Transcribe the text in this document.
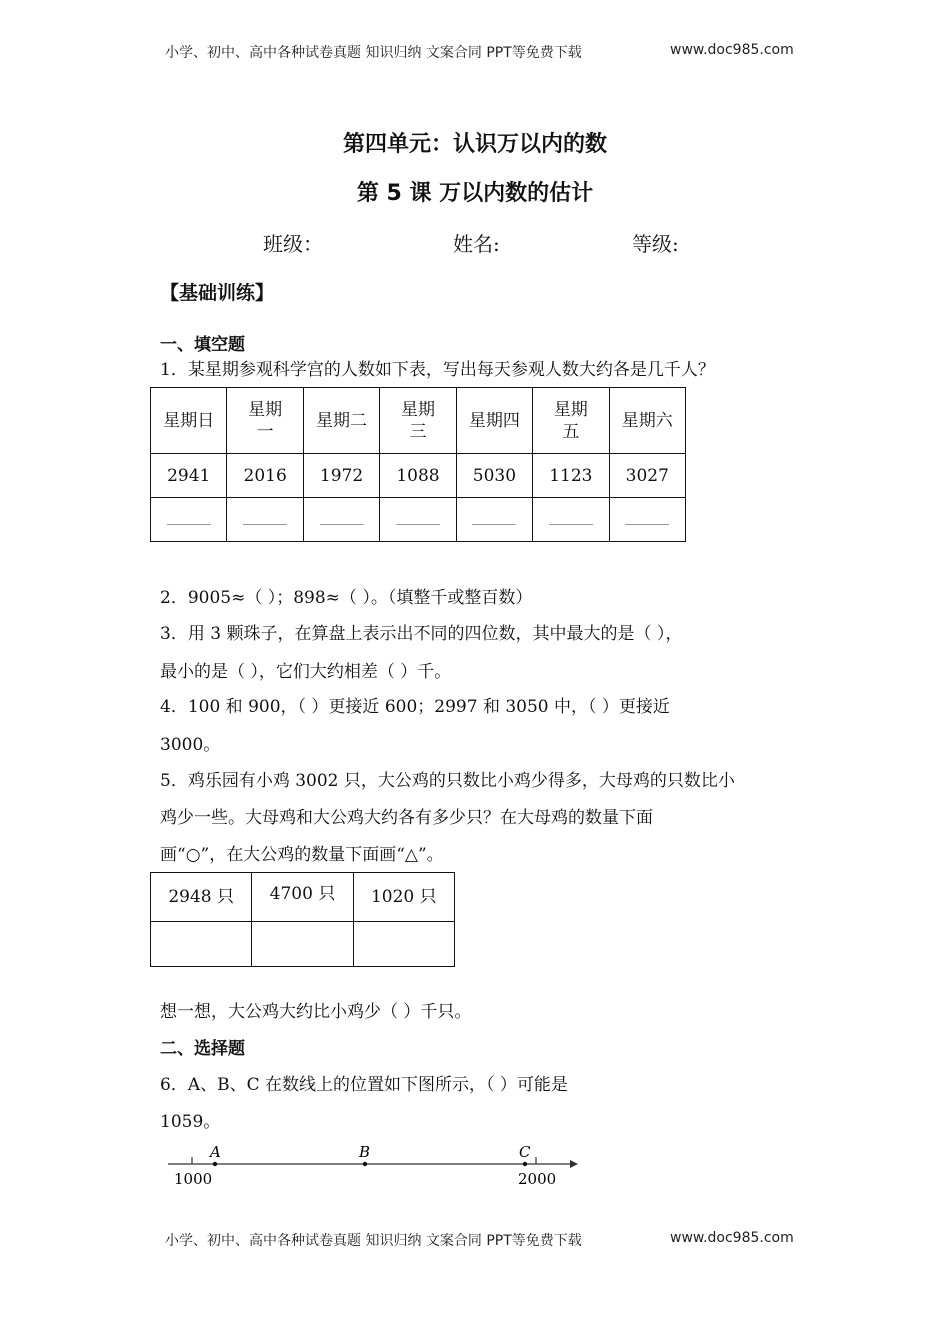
小学、初中、高中各种试卷真题 知识归纳 文案合同 PPT等免费下载	www.doc985.com
第四单元：认识万以内的数
第 5 课 万以内数的估计
班级：	姓名:	等级:
【基础训练】
一、填空题
1．某星期参观科学宫的人数如下表，写出每天参观人数大约各是几千人？
星期日	星期一	星期二	星期三	星期四	星期五	星期六
2941	2016	1972	1088	5030	1123	3027

2．9005≈（ ）；898≈（ ）。（填整千或整百数）
3．用 3 颗珠子，在算盘上表示出不同的四位数，其中最大的是（ ），
最小的是（ ），它们大约相差（ ）千。
4．100 和 900，（ ）更接近 600；2997 和 3050 中，（ ）更接近
3000。
5．鸡乐园有小鸡 3002 只，大公鸡的只数比小鸡少得多，大母鸡的只数比小
鸡少一些。大母鸡和大公鸡大约各有多少只？在大母鸡的数量下面
画“○”，在大公鸡的数量下面画“△”。
2948 只	4700 只	1020 只

想一想，大公鸡大约比小鸡少（ ）千只。
二、选择题
6．A、B、C 在数线上的位置如下图所示，（ ）可能是
1059。
A	B	C
1000	2000
小学、初中、高中各种试卷真题 知识归纳 文案合同 PPT等免费下载	www.doc985.com
